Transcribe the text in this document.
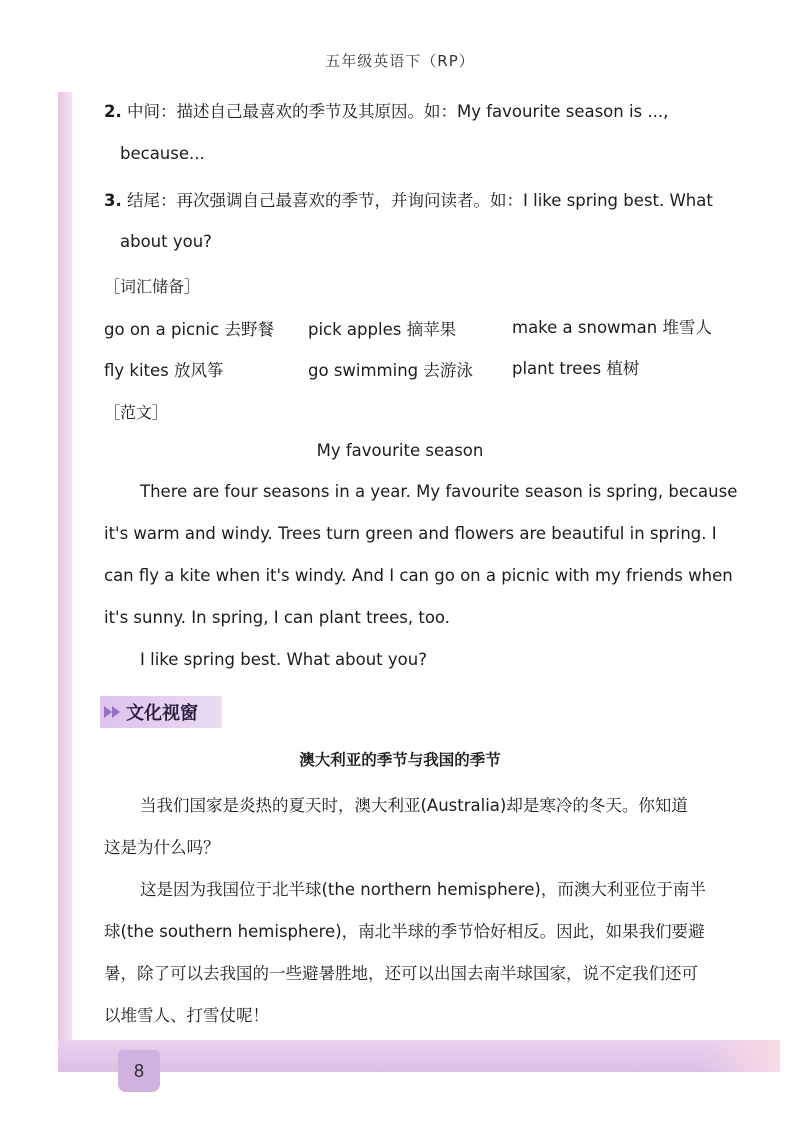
8
五年级英语下（RP）
2. 中间：描述自己最喜欢的季节及其原因。如：My favourite season is ...,
because...
3. 结尾：再次强调自己最喜欢的季节，并询问读者。如：I like spring best. What
about you?
［词汇储备］
go on a picnic 去野餐 pick apples 摘苹果	make a snowman 堆雪人
fly kites 放风筝	go swimming 去游泳 plant trees 植树
［范文］
My favourite season
There are four seasons in a year. My favourite season is spring, because
it's warm and windy. Trees turn green and flowers are beautiful in spring. I
can fly a kite when it's windy. And I can go on a picnic with my friends when
it's sunny. In spring, I can plant trees, too.
I like spring best. What about you?
文化视窗
澳大利亚的季节与我国的季节
当我们国家是炎热的夏天时，澳大利亚(Australia)却是寒冷的冬天。你知道
这是为什么吗？
这是因为我国位于北半球(the northern hemisphere)，而澳大利亚位于南半
球(the southern hemisphere)，南北半球的季节恰好相反。因此，如果我们要避
暑，除了可以去我国的一些避暑胜地，还可以出国去南半球国家，说不定我们还可
以堆雪人、打雪仗呢！
